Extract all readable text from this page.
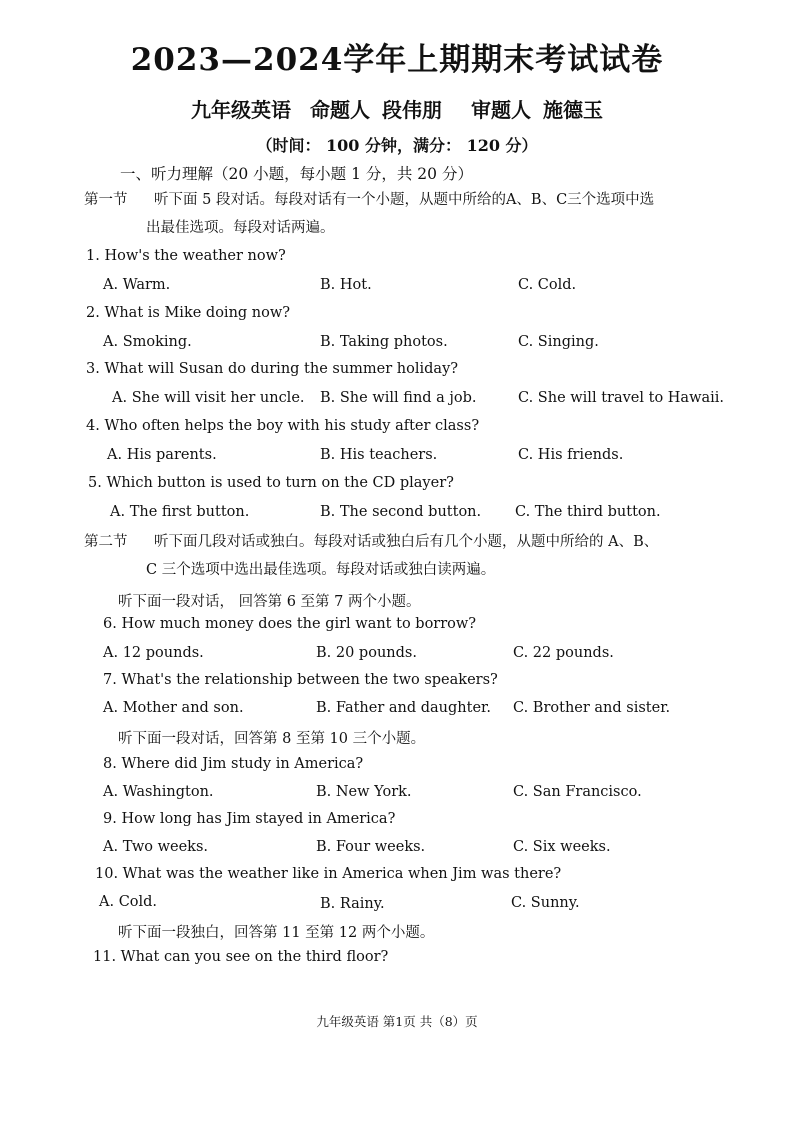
2023—2024学年上期期末考试试卷
九年级英语 命题人 段伟朋 审题人 施德玉
（时间： 100 分钟，满分： 120 分）
一、听力理解（20 小题，每小题 1 分，共 20 分）
第一节 听下面 5 段对话。每段对话有一个小题，从题中所给的A、B、C三个选项中选
出最佳选项。每段对话两遍。
1. How's the weather now?
A. Warm.	B. Hot.	C. Cold.
2. What is Mike doing now?
A. Smoking.	B. Taking photos.	C. Singing.
3. What will Susan do during the summer holiday?
A. She will visit her uncle. B. She will find a job.	C. She will travel to Hawaii.
4. Who often helps the boy with his study after class?
A. His parents.	B. His teachers.	C. His friends.
5. Which button is used to turn on the CD player?
A. The first button.	B. The second button. C. The third button.
第二节 听下面几段对话或独白。每段对话或独白后有几个小题，从题中所给的 A、B、
C 三个选项中选出最佳选项。每段对话或独白读两遍。
听下面一段对话， 回答第 6 至第 7 两个小题。
6. How much money does the girl want to borrow?
A. 12 pounds.	B. 20 pounds.	C. 22 pounds.
7. What's the relationship between the two speakers?
A. Mother and son.	B. Father and daughter. C. Brother and sister.
听下面一段对话，回答第 8 至第 10 三个小题。
8. Where did Jim study in America?
A. Washington.	B. New York.	C. San Francisco.
9. How long has Jim stayed in America?
A. Two weeks.	B. Four weeks.	C. Six weeks.
10. What was the weather like in America when Jim was there?
A. Cold.	B. Rainy.	C. Sunny.
听下面一段独白，回答第 11 至第 12 两个小题。
11. What can you see on the third floor?
九年级英语 第1页 共（8）页
